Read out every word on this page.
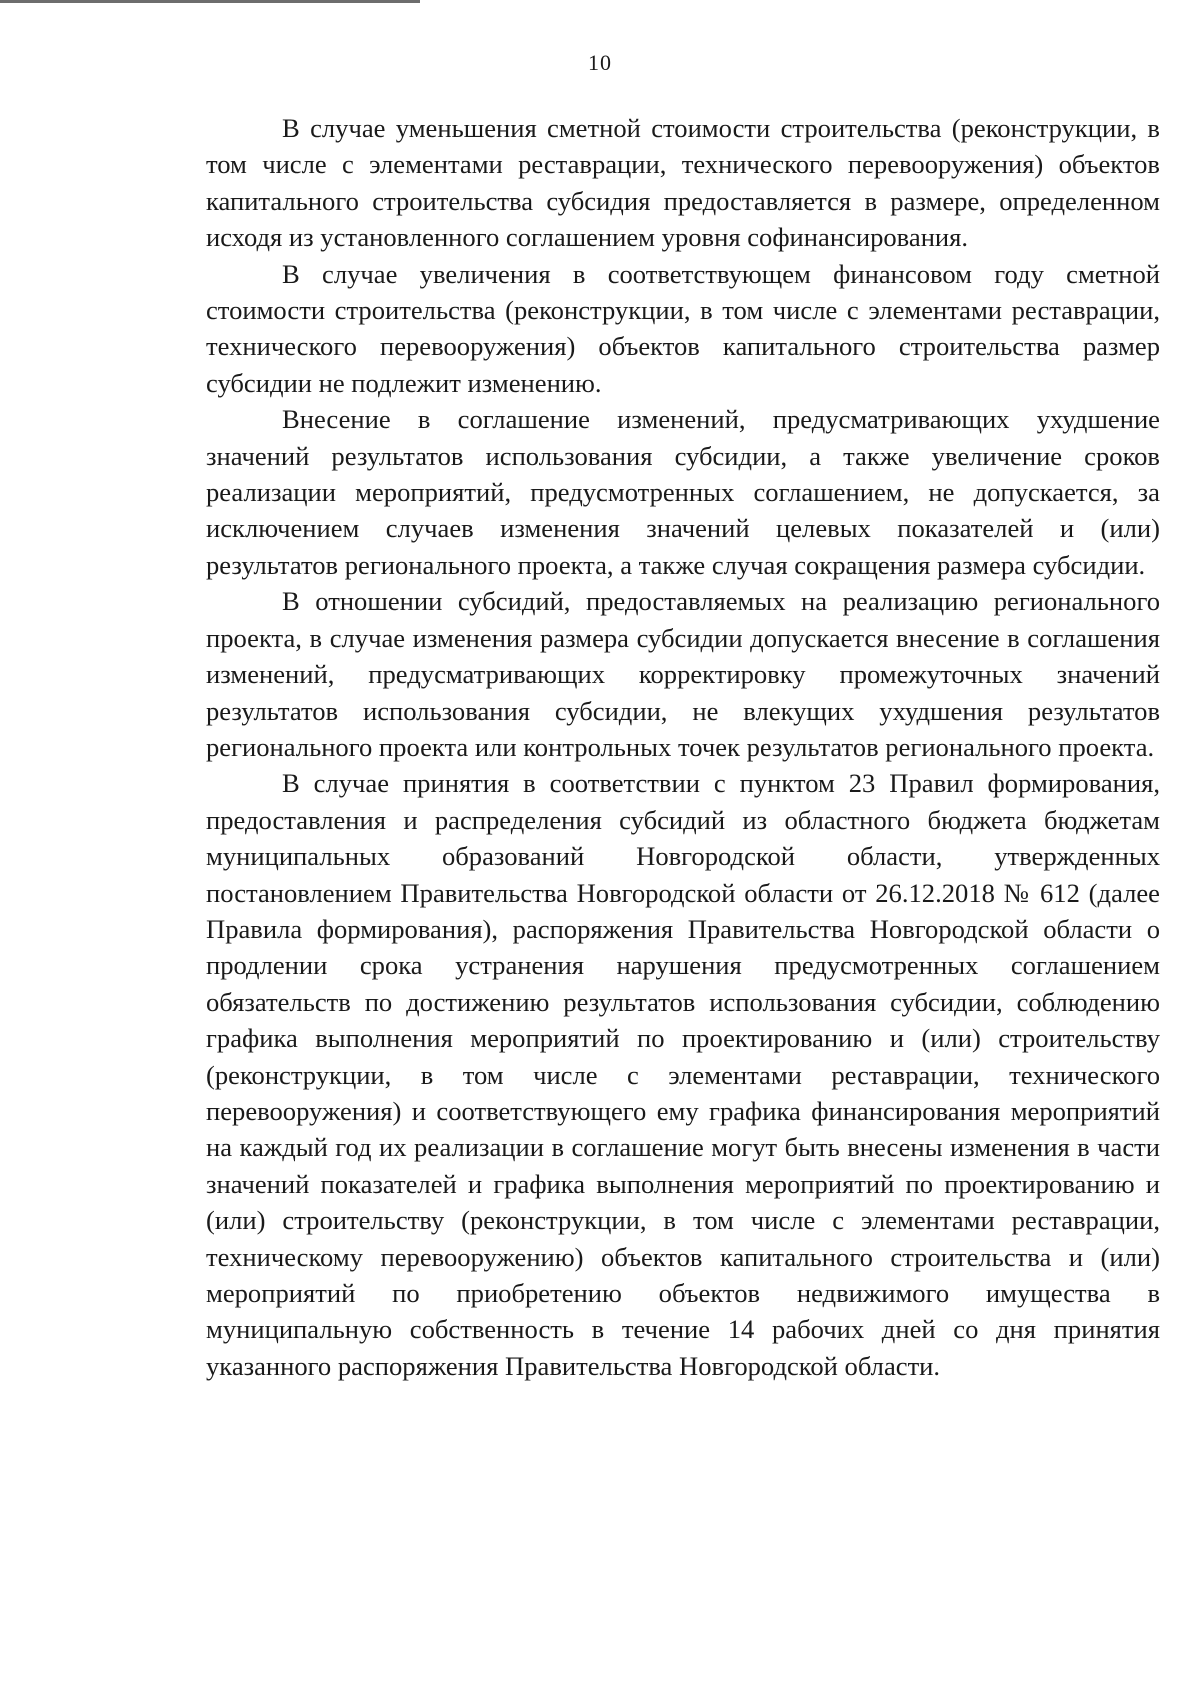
10

В случае уменьшения сметной стоимости строительства (реконструкции, в том числе с элементами реставрации, технического перевооружения) объектов капитального строительства субсидия предоставляется в размере, определенном исходя из установленного соглашением уровня софинансирования.

В случае увеличения в соответствующем финансовом году сметной стоимости строительства (реконструкции, в том числе с элементами реставрации, технического перевооружения) объектов капитального строительства размер субсидии не подлежит изменению.

Внесение в соглашение изменений, предусматривающих ухудшение значений результатов использования субсидии, а также увеличение сроков реализации мероприятий, предусмотренных соглашением, не допускается, за исключением случаев изменения значений целевых показателей и (или) результатов регионального проекта, а также случая сокращения размера субсидии.

В отношении субсидий, предоставляемых на реализацию регионального проекта, в случае изменения размера субсидии допускается внесение в соглашения изменений, предусматривающих корректировку промежуточных значений результатов использования субсидии, не влекущих ухудшения результатов регионального проекта или контрольных точек результатов регионального проекта.

В случае принятия в соответствии с пунктом 23 Правил формирования, предоставления и распределения субсидий из областного бюджета бюджетам муниципальных образований Новгородской области, утвержденных постановлением Правительства Новгородской области от 26.12.2018 № 612 (далее Правила формирования), распоряжения Правительства Новгородской области о продлении срока устранения нарушения предусмотренных соглашением обязательств по достижению результатов использования субсидии, соблюдению графика выполнения мероприятий по проектированию и (или) строительству (реконструкции, в том числе с элементами реставрации, технического перевооружения) и соответствующего ему графика финансирования мероприятий на каждый год их реализации в соглашение могут быть внесены изменения в части значений показателей и графика выполнения мероприятий по проектированию и (или) строительству (реконструкции, в том числе с элементами реставрации, техническому перевооружению) объектов капитального строительства и (или) мероприятий по приобретению объектов недвижимого имущества в муниципальную собственность в течение 14 рабочих дней со дня принятия указанного распоряжения Правительства Новгородской области.
